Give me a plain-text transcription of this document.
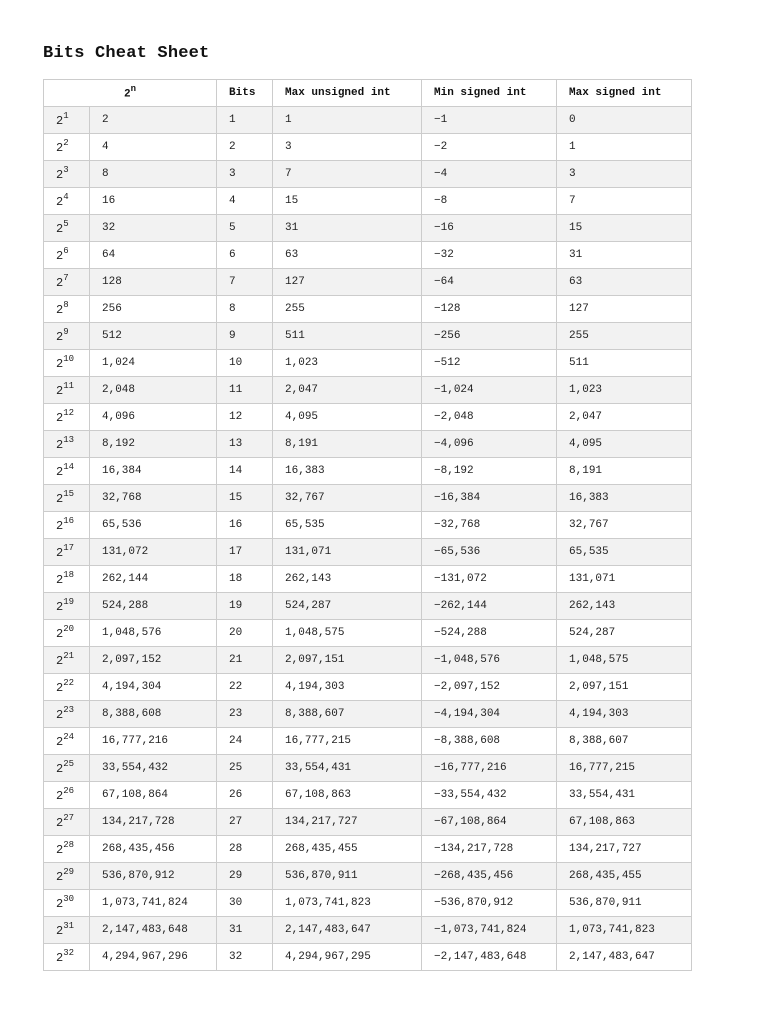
Bits Cheat Sheet
2$^n$		Bits	Max unsigned int	Min signed int	Max signed int
$2^1$	2	1	1	−1	0
$2^2$	4	2	3	−2	1
$2^3$	8	3	7	−4	3
$2^4$	16	4	15	−8	7
$2^5$	32	5	31	−16	15
$2^6$	64	6	63	−32	31
$2^7$	128	7	127	−64	63
$2^8$	256	8	255	−128	127
$2^9$	512	9	511	−256	255
$2^{10}$	1,024	10	1,023	−512	511
$2^{11}$	2,048	11	2,047	−1,024	1,023
$2^{12}$	4,096	12	4,095	−2,048	2,047
$2^{13}$	8,192	13	8,191	−4,096	4,095
$2^{14}$	16,384	14	16,383	−8,192	8,191
$2^{15}$	32,768	15	32,767	−16,384	16,383
$2^{16}$	65,536	16	65,535	−32,768	32,767
$2^{17}$	131,072	17	131,071	−65,536	65,535
$2^{18}$	262,144	18	262,143	−131,072	131,071
$2^{19}$	524,288	19	524,287	−262,144	262,143
$2^{20}$	1,048,576	20	1,048,575	−524,288	524,287
$2^{21}$	2,097,152	21	2,097,151	−1,048,576	1,048,575
$2^{22}$	4,194,304	22	4,194,303	−2,097,152	2,097,151
$2^{23}$	8,388,608	23	8,388,607	−4,194,304	4,194,303
$2^{24}$	16,777,216	24	16,777,215	−8,388,608	8,388,607
$2^{25}$	33,554,432	25	33,554,431	−16,777,216	16,777,215
$2^{26}$	67,108,864	26	67,108,863	−33,554,432	33,554,431
$2^{27}$	134,217,728	27	134,217,727	−67,108,864	67,108,863
$2^{28}$	268,435,456	28	268,435,455	−134,217,728	134,217,727
$2^{29}$	536,870,912	29	536,870,911	−268,435,456	268,435,455
$2^{30}$	1,073,741,824	30	1,073,741,823	−536,870,912	536,870,911
$2^{31}$	2,147,483,648	31	2,147,483,647	−1,073,741,824	1,073,741,823
$2^{32}$	4,294,967,296	32	4,294,967,295	−2,147,483,648	2,147,483,647
